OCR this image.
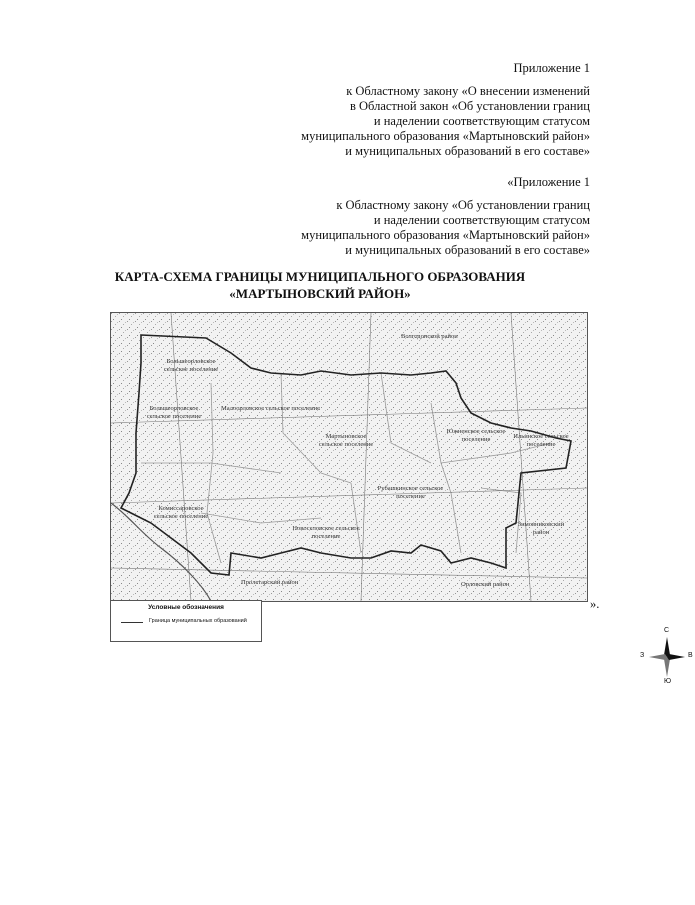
Приложение 1
к Областному закону «О внесении изменений
в Областной закон «Об установлении границ
и наделении соответствующим статусом
муниципального образования «Мартыновский район»
и муниципальных образований в его составе»
«Приложение 1
к Областному закону «Об установлении границ
и наделении соответствующим статусом
муниципального образования «Мартыновский район»
и муниципальных образований в его составе»
КАРТА-СХЕМА ГРАНИЦЫ МУНИЦИПАЛЬНОГО ОБРАЗОВАНИЯ
«МАРТЫНОВСКИЙ РАЙОН»
Волгодонской район
Большеорловское сельское поселение
Малоорловское сельское поселение
Большеорловское сельское поселение
Мартыновское сельское поселение
Южненское сельское поселение	Ильинское сельское поселение
Рубашкинское сельское поселение
Комиссаровское сельское поселение
Новоселовское сельское поселение
Зимовниковский район
Пролетарский район	Орловский район
С
Ю
З	В
Условные обозначения
Граница муниципальных образований
».
